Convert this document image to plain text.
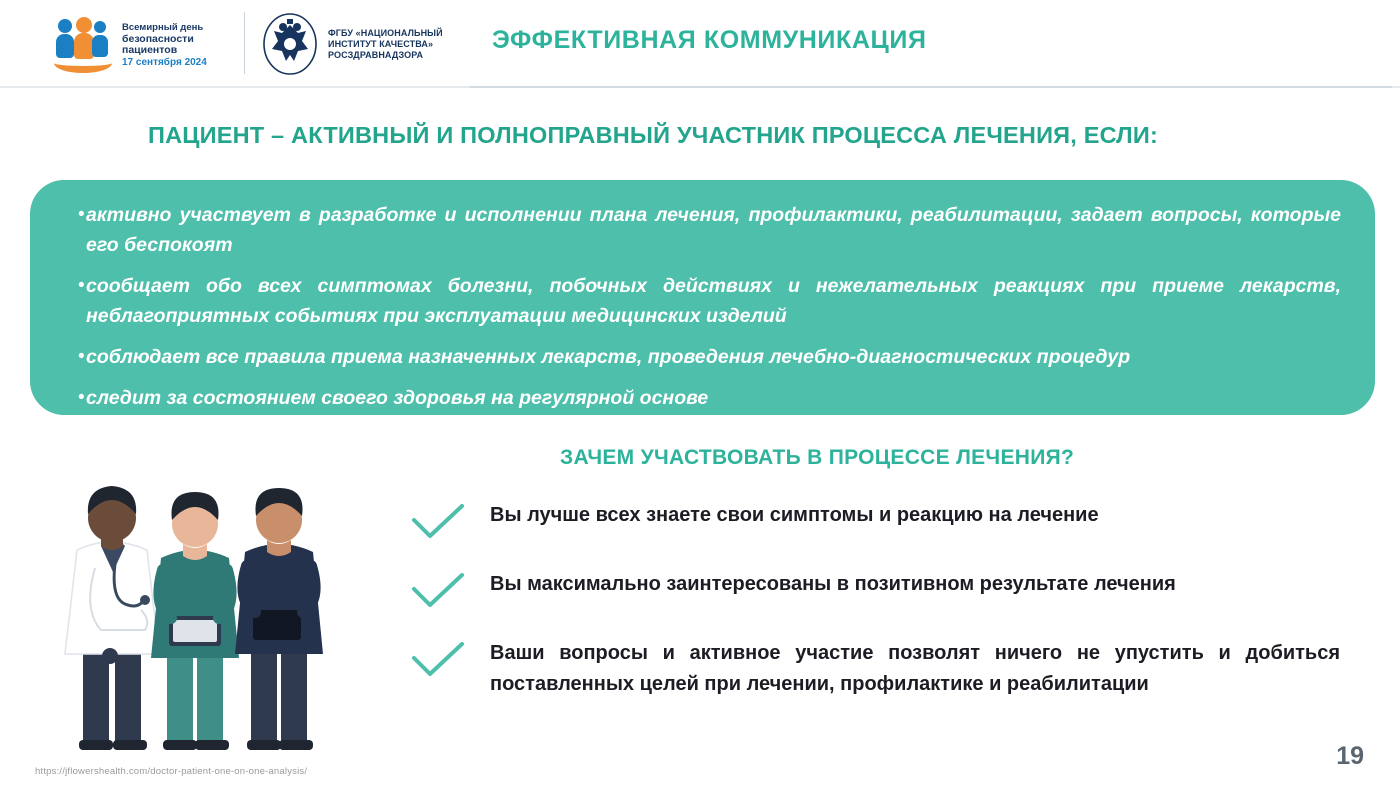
Всемирный день
безопасности
пациентов
17 сентября 2024
ФГБУ «НАЦИОНАЛЬНЫЙ
ИНСТИТУТ КАЧЕСТВА»
РОСЗДРАВНАДЗОРА
ЭФФЕКТИВНАЯ КОММУНИКАЦИЯ
ПАЦИЕНТ – АКТИВНЫЙ И ПОЛНОПРАВНЫЙ УЧАСТНИК ПРОЦЕССА ЛЕЧЕНИЯ, ЕСЛИ:
• активно участвует в разработке и исполнении плана лечения, профилактики, реабилитации, задает вопросы, которые его беспокоят
• сообщает обо всех симптомах болезни, побочных действиях и нежелательных реакциях при приеме лекарств, неблагоприятных событиях при эксплуатации медицинских изделий
• соблюдает все правила приема назначенных лекарств, проведения лечебно-диагностических процедур
• следит за состоянием своего здоровья на регулярной основе
ЗАЧЕМ УЧАСТВОВАТЬ В ПРОЦЕССЕ ЛЕЧЕНИЯ?
Вы лучше всех знаете свои симптомы и реакцию на лечение
Вы максимально заинтересованы в позитивном результате лечения
Ваши вопросы и активное участие позволят ничего не упустить и добиться поставленных целей при лечении, профилактике и реабилитации
https://jflowershealth.com/doctor-patient-one-on-one-analysis/
19
